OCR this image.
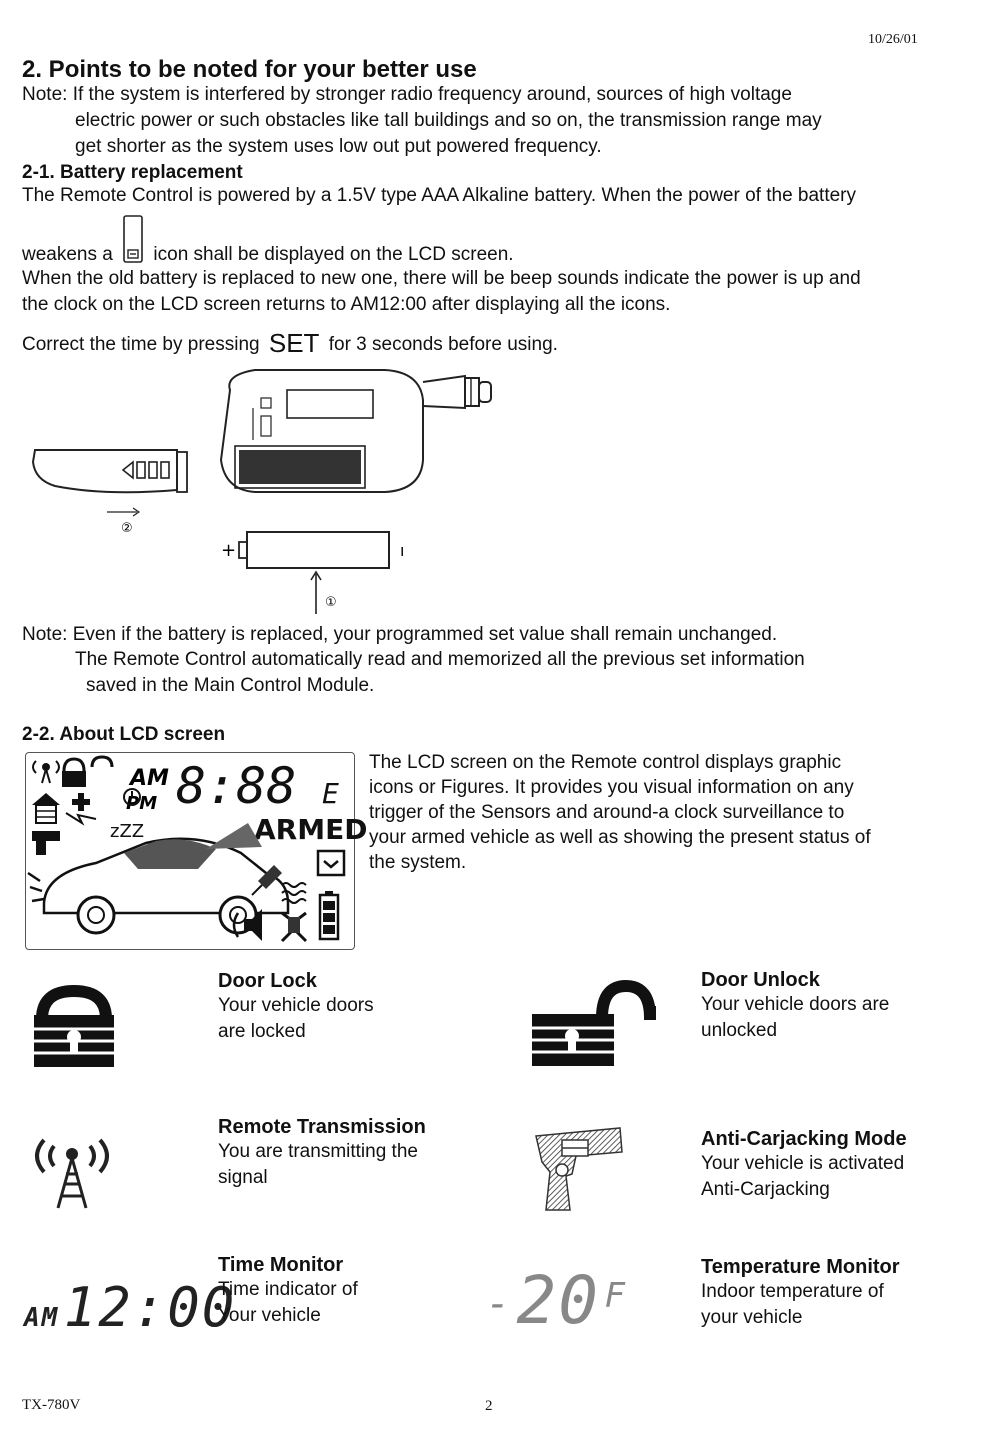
10/26/01
2. Points to be noted for your better use
Note: If the system is interfered by stronger radio frequency around, sources of high voltage
electric power or such obstacles like tall buildings and so on, the transmission range may
get shorter as the system uses low out put powered frequency.
2-1. Battery replacement
The Remote Control is powered by a 1.5V type AAA Alkaline battery. When the power of the battery
weakens a icon shall be displayed on the LCD screen.
When the old battery is replaced to new one, there will be beep sounds indicate the power is up and
the clock on the LCD screen returns to AM12:00 after displaying all the icons.
Correct the time by pressing SET for 3 seconds before using.
②
+	ı
①
Note: Even if the battery is replaced, your programmed set value shall remain unchanged.
The Remote Control automatically read and memorized all the previous set information
saved in the Main Control Module.
2-2. About LCD screen
AM
PM 8:88 E
zZZ	ARMED
The LCD screen on the Remote control displays graphic
icons or Figures. It provides you visual information on any
trigger of the Sensors and around-a clock surveillance to
your armed vehicle as well as showing the present status of
the system.
Door Lock
Your vehicle doors
are locked
Door Unlock
Your vehicle doors are
unlocked
Remote Transmission
You are transmitting the
signal
Anti-Carjacking Mode
Your vehicle is activated
Anti-Carjacking
AM 12:00
Time Monitor
Time indicator of
Your vehicle	- 20 F
Temperature Monitor
Indoor temperature of
your vehicle
TX-780V	2
